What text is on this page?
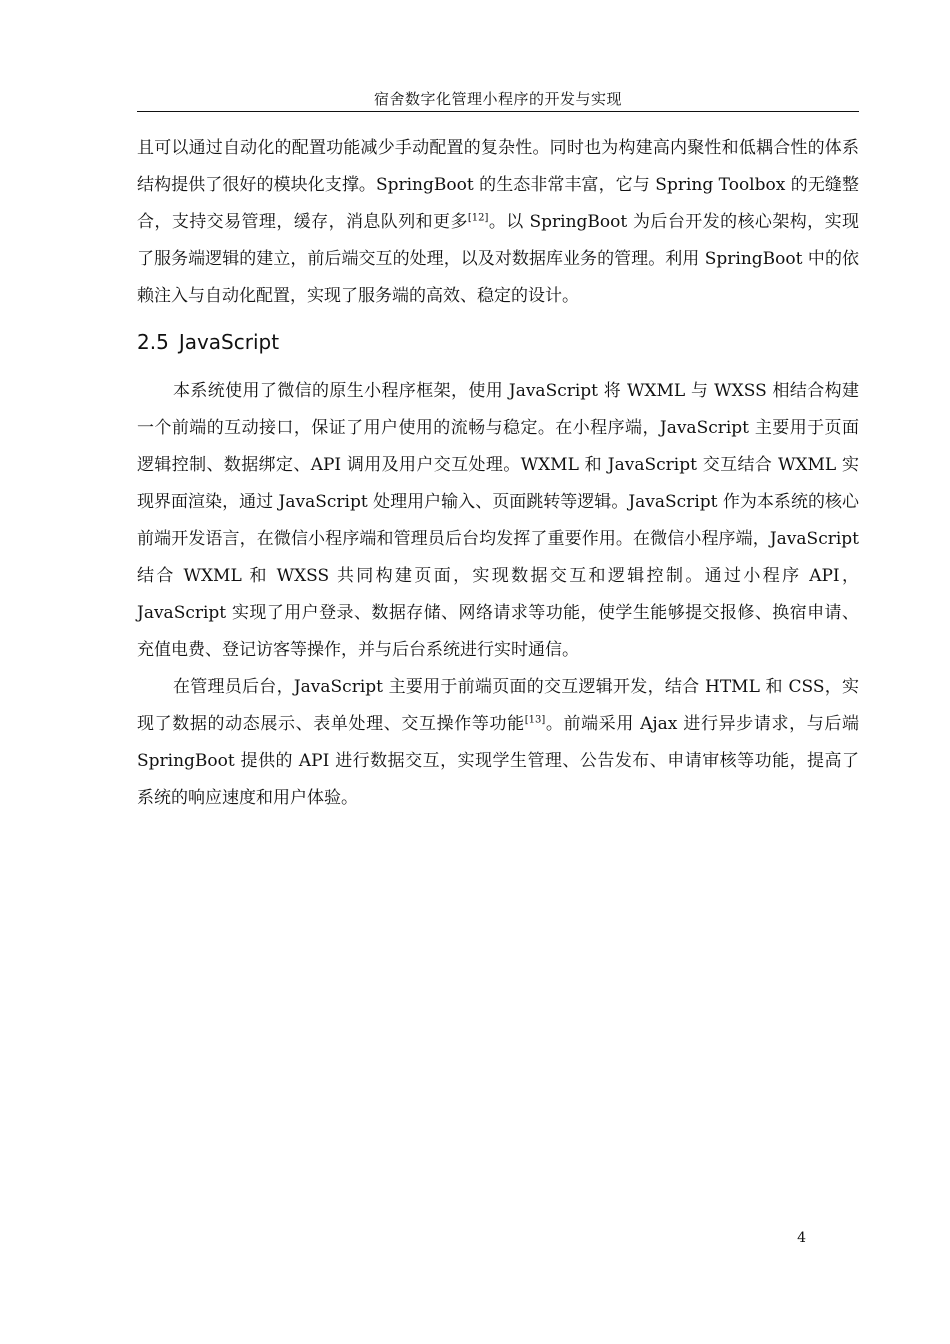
宿舍数字化管理小程序的开发与实现

且可以通过自动化的配置功能减少手动配置的复杂性。同时也为构建高内聚性和低耦合性的体系结构提供了很好的模块化支撑。SpringBoot 的生态非常丰富，它与 Spring Toolbox 的无缝整合，支持交易管理，缓存，消息队列和更多[12]。以 SpringBoot 为后台开发的核心架构，实现了服务端逻辑的建立，前后端交互的处理，以及对数据库业务的管理。利用 SpringBoot 中的依赖注入与自动化配置，实现了服务端的高效、稳定的设计。

2.5 JavaScript

本系统使用了微信的原生小程序框架，使用 JavaScript 将 WXML 与 WXSS 相结合构建一个前端的互动接口，保证了用户使用的流畅与稳定。在小程序端，JavaScript 主要用于页面逻辑控制、数据绑定、API 调用及用户交互处理。WXML 和 JavaScript 交互结合 WXML 实现界面渲染，通过 JavaScript 处理用户输入、页面跳转等逻辑。JavaScript 作为本系统的核心前端开发语言，在微信小程序端和管理员后台均发挥了重要作用。在微信小程序端，JavaScript 结合 WXML 和 WXSS 共同构建页面，实现数据交互和逻辑控制。通过小程序 API，JavaScript 实现了用户登录、数据存储、网络请求等功能，使学生能够提交报修、换宿申请、充值电费、登记访客等操作，并与后台系统进行实时通信。

在管理员后台，JavaScript 主要用于前端页面的交互逻辑开发，结合 HTML 和 CSS，实现了数据的动态展示、表单处理、交互操作等功能[13]。前端采用 Ajax 进行异步请求，与后端 SpringBoot 提供的 API 进行数据交互，实现学生管理、公告发布、申请审核等功能，提高了系统的响应速度和用户体验。

4
